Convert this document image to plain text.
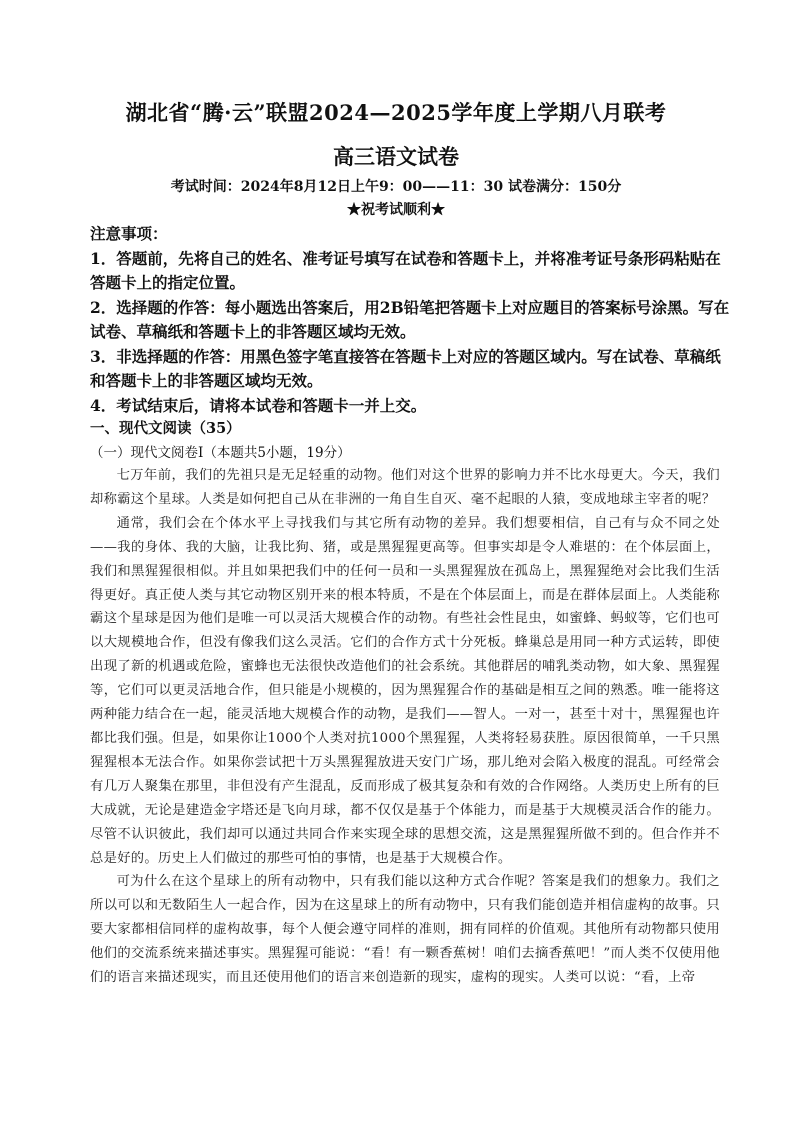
湖北省“腾·云”联盟2024—2025学年度上学期八月联考
高三语文试卷
考试时间：2024年8月12日上午9：00——11：30 试卷满分：150分
★祝考试顺利★

注意事项：

1．答题前，先将自己的姓名、准考证号填写在试卷和答题卡上，并将准考证号条形码粘贴在答题卡上的指定位置。

2．选择题的作答：每小题选出答案后，用2B铅笔把答题卡上对应题目的答案标号涂黑。写在试卷、草稿纸和答题卡上的非答题区域均无效。

3．非选择题的作答：用黑色签字笔直接答在答题卡上对应的答题区域内。写在试卷、草稿纸和答题卡上的非答题区域均无效。

4．考试结束后，请将本试卷和答题卡一并上交。

一、现代文阅读（35）
（一）现代文阅卷Ⅰ（本题共5小题，19分）

七万年前，我们的先祖只是无足轻重的动物。他们对这个世界的影响力并不比水母更大。今天，我们却称霸这个星球。人类是如何把自己从在非洲的一角自生自灭、毫不起眼的人猿，变成地球主宰者的呢？

通常，我们会在个体水平上寻找我们与其它所有动物的差异。我们想要相信，自己有与众不同之处——我的身体、我的大脑，让我比狗、猪，或是黑猩猩更高等。但事实却是令人难堪的：在个体层面上，我们和黑猩猩很相似。并且如果把我们中的任何一员和一头黑猩猩放在孤岛上，黑猩猩绝对会比我们生活得更好。真正使人类与其它动物区别开来的根本特质，不是在个体层面上，而是在群体层面上。人类能称霸这个星球是因为他们是唯一可以灵活大规模合作的动物。有些社会性昆虫，如蜜蜂、蚂蚁等，它们也可以大规模地合作，但没有像我们这么灵活。它们的合作方式十分死板。蜂巢总是用同一种方式运转，即使出现了新的机遇或危险，蜜蜂也无法很快改造他们的社会系统。其他群居的哺乳类动物，如大象、黑猩猩等，它们可以更灵活地合作，但只能是小规模的，因为黑猩猩合作的基础是相互之间的熟悉。唯一能将这两种能力结合在一起，能灵活地大规模合作的动物，是我们——智人。一对一，甚至十对十，黑猩猩也许都比我们强。但是，如果你让1000个人类对抗1000个黑猩猩，人类将轻易获胜。原因很简单，一千只黑猩猩根本无法合作。如果你尝试把十万头黑猩猩放进天安门广场，那儿绝对会陷入极度的混乱。可经常会有几万人聚集在那里，非但没有产生混乱，反而形成了极其复杂和有效的合作网络。人类历史上所有的巨大成就，无论是建造金字塔还是飞向月球，都不仅仅是基于个体能力，而是基于大规模灵活合作的能力。尽管不认识彼此，我们却可以通过共同合作来实现全球的思想交流，这是黑猩猩所做不到的。但合作并不总是好的。历史上人们做过的那些可怕的事情，也是基于大规模合作。

可为什么在这个星球上的所有动物中，只有我们能以这种方式合作呢？答案是我们的想象力。我们之所以可以和无数陌生人一起合作，因为在这星球上的所有动物中，只有我们能创造并相信虚构的故事。只要大家都相信同样的虚构故事，每个人便会遵守同样的准则，拥有同样的价值观。其他所有动物都只使用他们的交流系统来描述事实。黑猩猩可能说：“看！有一颗香蕉树！咱们去摘香蕉吧！”而人类不仅使用他们的语言来描述现实，而且还使用他们的语言来创造新的现实，虚构的现实。人类可以说：“看，上帝
